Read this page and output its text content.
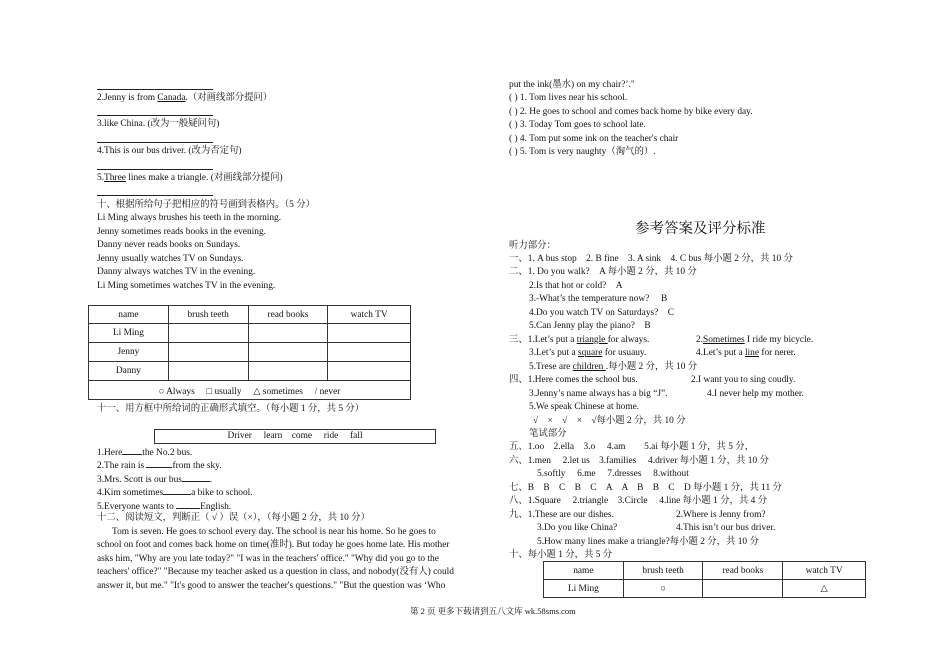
2.Jenny is from Canada.（对画线部分提问）
3.like China. (改为一般疑问句)
4.This is our bus driver. (改为否定句)
5.Three lines make a triangle. (对画线部分提问)
十、根据所给句子把相应的符号画到表格内。（5 分）
Li Ming always brushes his teeth in the morning.
Jenny sometimes reads books in the evening.
Danny never reads books on Sundays.
Jenny usually watches TV on Sundays.
Danny always watches TV in the evening.
Li Ming sometimes watches TV in the evening.
name	brush teeth	read books	watch TV
Li Ming			
Jenny			
Danny			
○ Always　 □ usually　 △ sometimes　 / never			
十一、用方框中所给词的正确形式填空。（每小题 1 分，共 5 分）
Driver　 learn　come　 ride　 fall
1.Here the No.2 bus.
2.The rain is	from the sky.
3.Mrs. Scott is our bus	.
4.Kim sometimes	a bike to school.
5.Everyone wants to	English.
十二、阅读短文，判断正（ √ ）误（×），（每小题 2 分，共 10 分）
Tom is seven. He goes to school every day. The school is near his home. So he goes to
school on foot and comes back home on time(准时). But today he goes home late. His mother
asks him, "Why are you late today?" "I was in the teachers' office." "Why did you go to the
teachers' office?" "Because my teacher asked us a question in class, and nobody(没有人) could
answer it, but me." "It's good to answer the teacher's questions." "But the question was ‘Who
put the ink(墨水) on my chair?’."
( ) 1. Tom lives near his school.
( ) 2. He goes to school and comes back home by bike every day.
( ) 3. Today Tom goes to school late.
( ) 4. Tom put some ink on the teacher's chair
( ) 5. Tom is very naughty（淘气的）.
参考答案及评分标准
听力部分：
一、1. A bus stop　2. B fine　3. A sink　4. C bus 每小题 2 分，共 10 分
二、1. Do you walk?　A 每小题 2 分，共 10 分
2.Is that hot or cold?　A
3.-What’s the temperature now?　 B
4.Do you watch TV on Saturdays?　C
5.Can Jenny play the piano?　B
三、1.Let’s put a triangle for always.	2.Sometimes I ride my bicycle.
3.Let’s put a square for usuauy.	4.Let’s put a line for nerer.
5.Trese are children .每小题 2 分，共 10 分
四、1.Here comes the school bus.	2.I want you to sing coudly.
3.Jenny’s name always has a big “J”.	4.I never help my mother.
5.We speak Chinese at home.
√　×　√　×　√每小题 2 分，共 10 分
笔试部分
五、1.oo　2.ella　3.o　 4.am　　5.ai 每小题 1 分，共 5 分，
六、1.men　 2.let us　3.families　 4.driver 每小题 1 分，共 10 分
5.softly　 6.me　 7.dresses　 8.without
七、B　B　C　B　C　A　A　B　B　C　D 每小题 1 分，共 11 分
八、1.Square　 2.triangle　3.Circle　 4.line 每小题 1 分，共 4 分
九、1.These are our dishes.	2.Where is Jenny from?
3.Do you like China?	4.This isn’t our bus driver.
5.How many lines make a triangle?每小题 2 分，共 10 分
十、每小题 1 分，共 5 分
name	brush teeth	read books	watch TV
Li Ming	○		△
第 2 页 更多下载请到五八文库 wk.58sms.com
